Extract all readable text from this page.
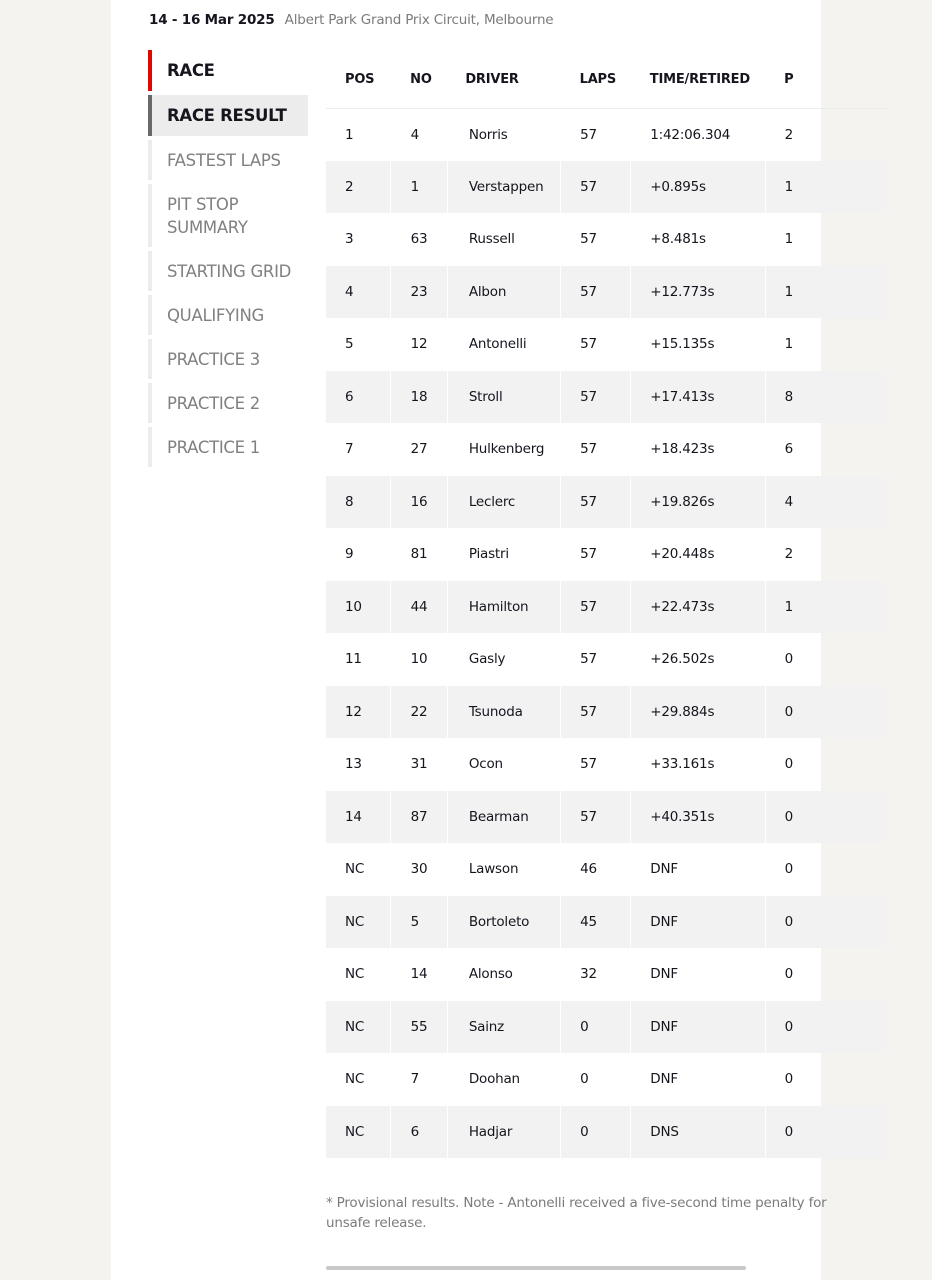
14 - 16 Mar 2025 Albert Park Grand Prix Circuit, Melbourne
RACE
RACE RESULT
FASTEST LAPS
PIT STOP SUMMARY
STARTING GRID
QUALIFYING
PRACTICE 3
PRACTICE 2
PRACTICE 1
POS	NO	DRIVER	LAPS	TIME/RETIRED	P
1	4	Norris	57	1:42:06.304	2
2	1	Verstappen	57	+0.895s	1
3	63	Russell	57	+8.481s	1
4	23	Albon	57	+12.773s	1
5	12	Antonelli	57	+15.135s	1
6	18	Stroll	57	+17.413s	8
7	27	Hulkenberg	57	+18.423s	6
8	16	Leclerc	57	+19.826s	4
9	81	Piastri	57	+20.448s	2
10	44	Hamilton	57	+22.473s	1
11	10	Gasly	57	+26.502s	0
12	22	Tsunoda	57	+29.884s	0
13	31	Ocon	57	+33.161s	0
14	87	Bearman	57	+40.351s	0
NC	30	Lawson	46	DNF	0
NC	5	Bortoleto	45	DNF	0
NC	14	Alonso	32	DNF	0
NC	55	Sainz	0	DNF	0
NC	7	Doohan	0	DNF	0
NC	6	Hadjar	0	DNS	0

* Provisional results. Note - Antonelli received a five-second time penalty for unsafe release.
